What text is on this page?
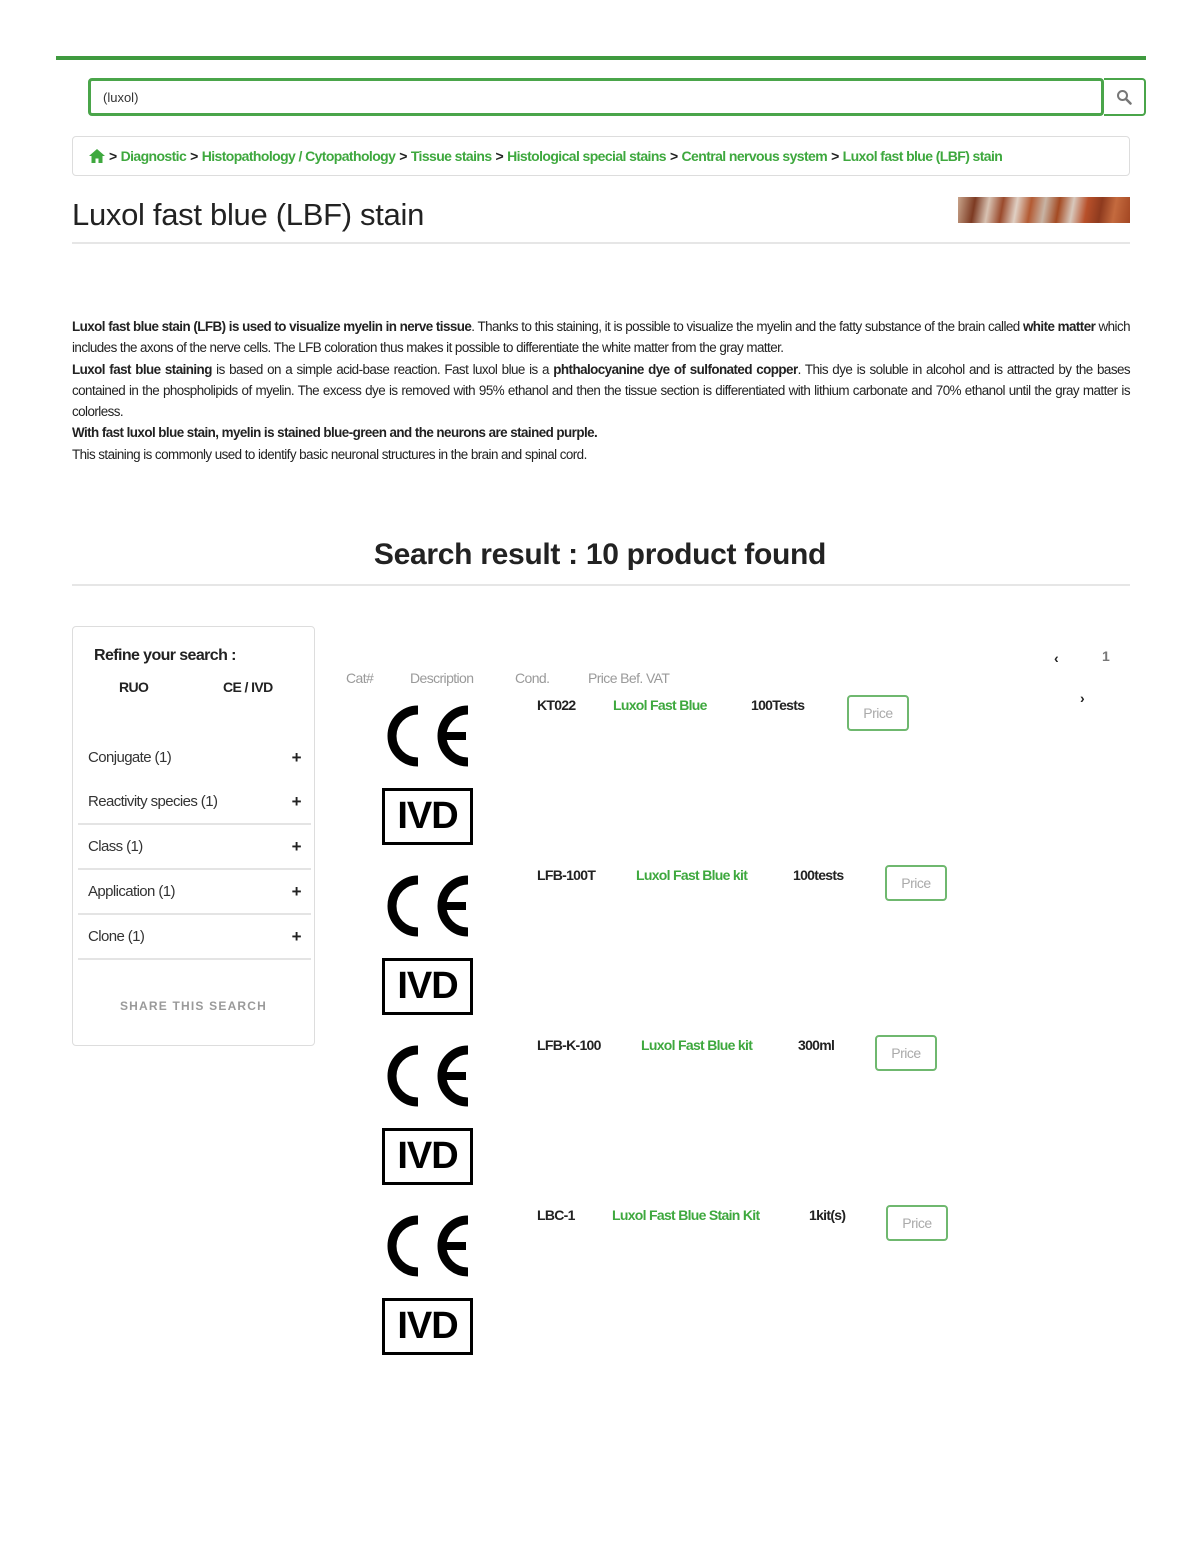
(luxol)
> Diagnostic > Histopathology / Cytopathology > Tissue stains > Histological special stains > Central nervous system > Luxol fast blue (LBF) stain
Luxol fast blue (LBF) stain

Luxol fast blue stain (LFB) is used to visualize myelin in nerve tissue. Thanks to this staining, it is possible to visualize the myelin and the fatty substance of the brain called white matter which includes the axons of the nerve cells. The LFB coloration thus makes it possible to differentiate the white matter from the gray matter.

Luxol fast blue staining is based on a simple acid-base reaction. Fast luxol blue is a phthalocyanine dye of sulfonated copper. This dye is soluble in alcohol and is attracted by the bases contained in the phospholipids of myelin. The excess dye is removed with 95% ethanol and then the tissue section is differentiated with lithium carbonate and 70% ethanol until the gray matter is colorless.

With fast luxol blue stain, myelin is stained blue-green and the neurons are stained purple.

This staining is commonly used to identify basic neuronal structures in the brain and spinal cord.

Search result : 10 product found
Refine your search :
RUO	CE / IVD
Conjugate (1)	+
Reactivity species (1)	+
Class (1)	+
Application (1)	+
Clone (1)	+
SHARE THIS SEARCH
Cat#	Description	Cond.	Price Bef. VAT
‹	1
›
IVD
KT022	Luxol Fast Blue	100Tests	Price
IVD
LFB-100T	Luxol Fast Blue kit	100tests	Price
IVD
LFB-K-100	Luxol Fast Blue kit	300ml	Price
IVD
LBC-1	Luxol Fast Blue Stain Kit	1kit(s)	Price
